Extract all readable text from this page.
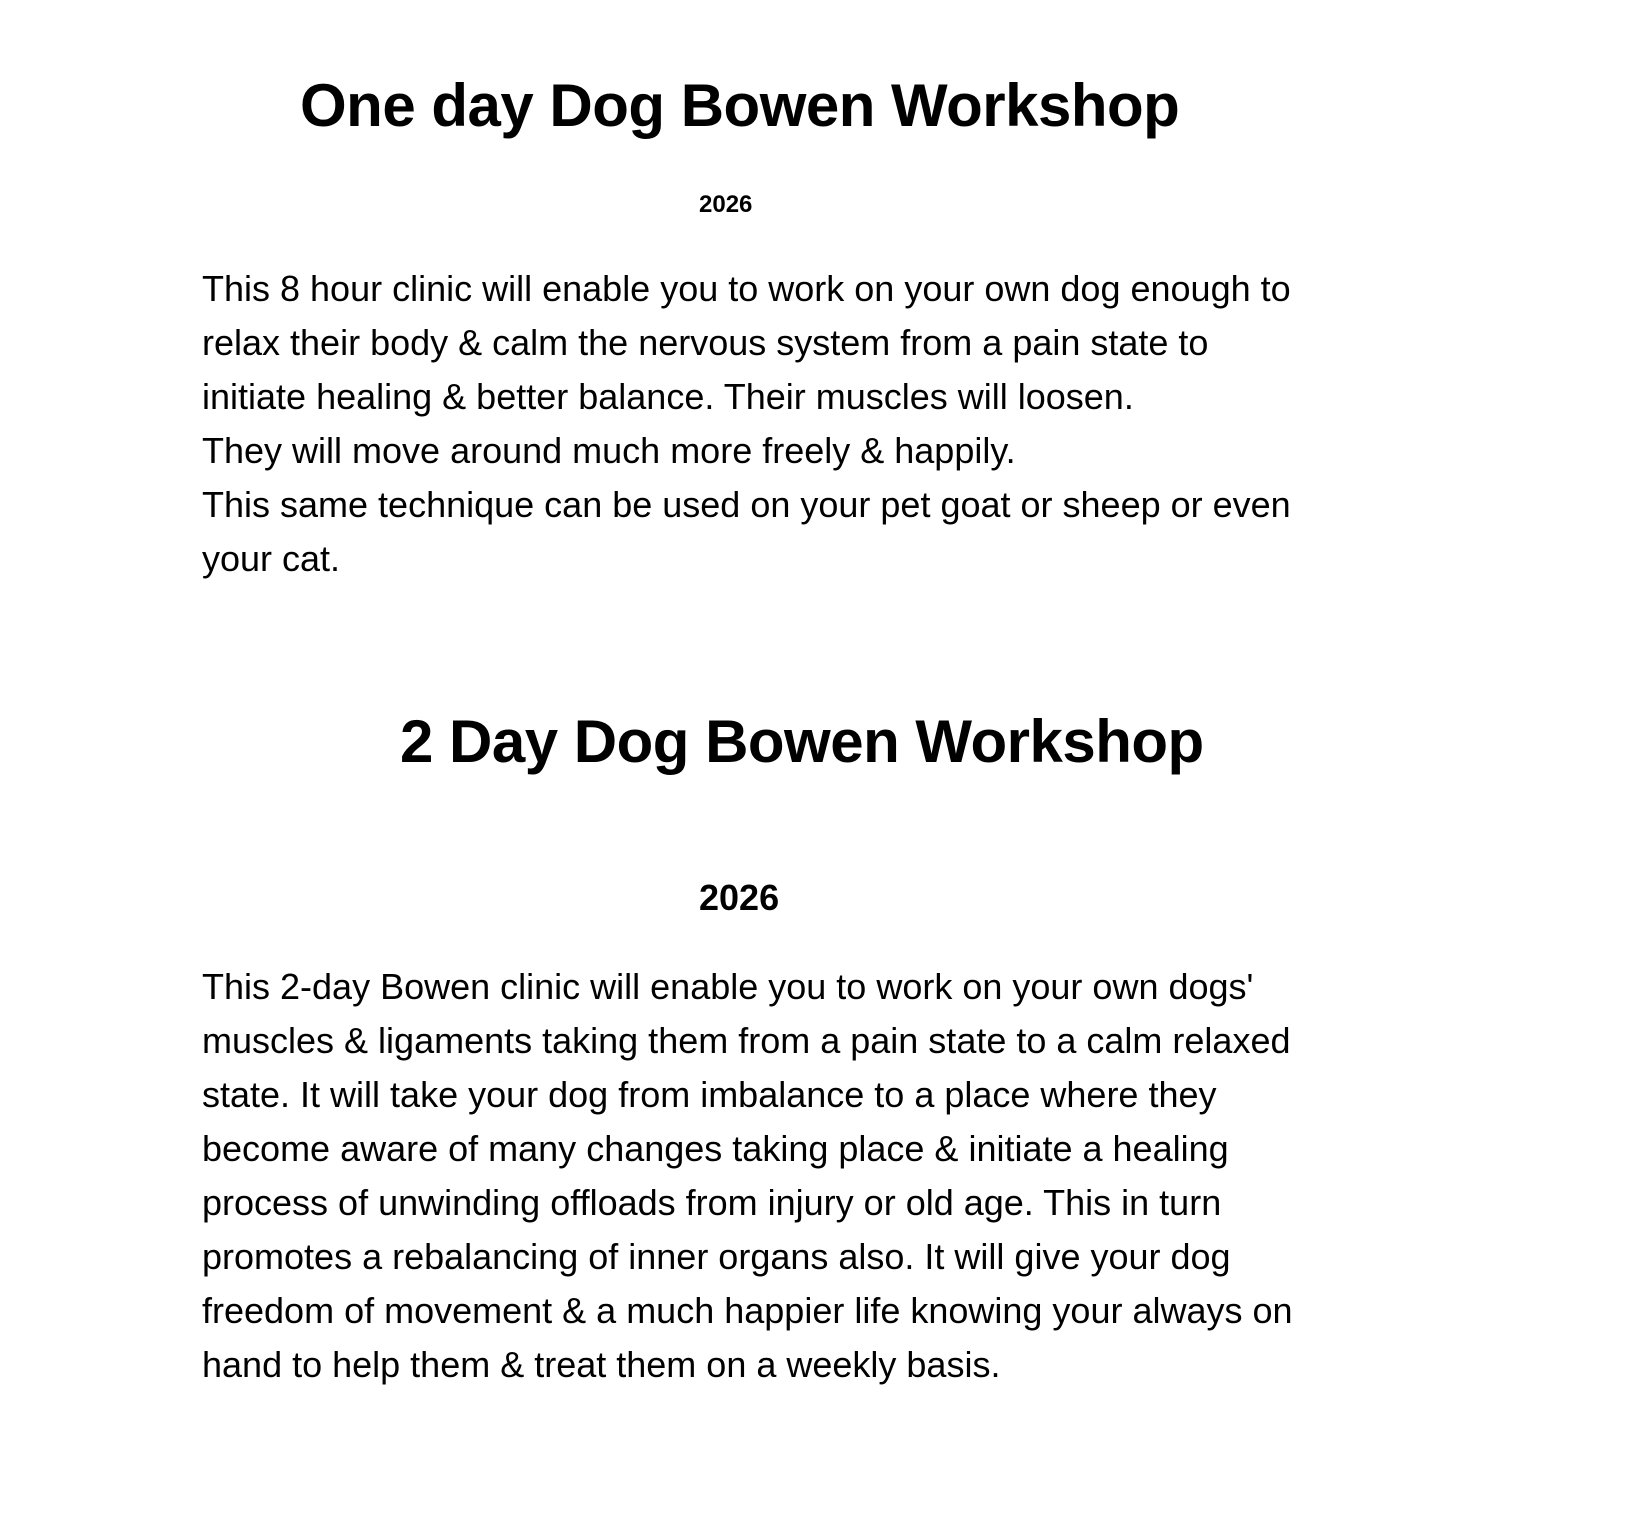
One day Dog Bowen Workshop
2026
This 8 hour clinic will enable you to work on your own dog enough to
relax their body & calm the nervous system from a pain state to
initiate healing & better balance. Their muscles will loosen.
They will move around much more freely & happily.
This same technique can be used on your pet goat or sheep or even
your cat.
2 Day Dog Bowen Workshop
2026
This 2-day Bowen clinic will enable you to work on your own dogs'
muscles & ligaments taking them from a pain state to a calm relaxed
state. It will take your dog from imbalance to a place where they
become aware of many changes taking place & initiate a healing
process of unwinding offloads from injury or old age. This in turn
promotes a rebalancing of inner organs also. It will give your dog
freedom of movement & a much happier life knowing your always on
hand to help them & treat them on a weekly basis.
